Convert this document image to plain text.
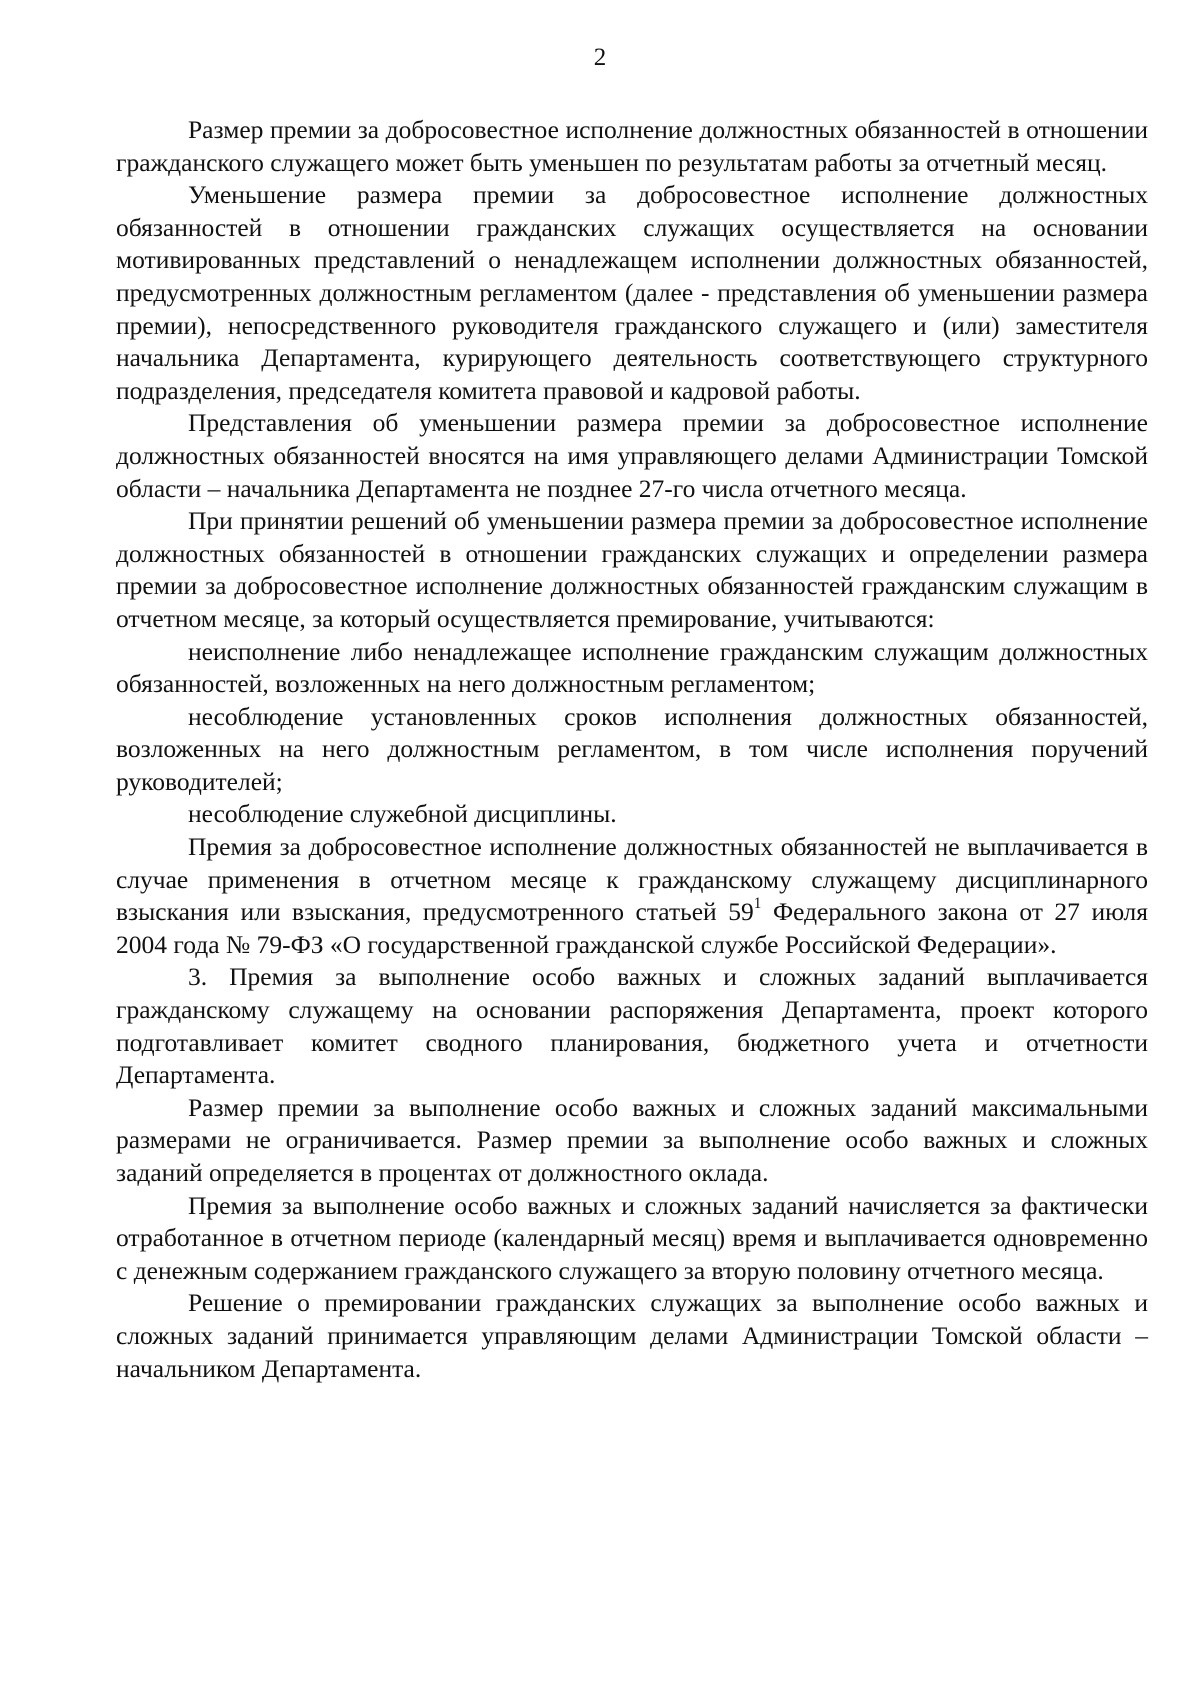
2

Размер премии за добросовестное исполнение должностных обязанностей в отношении гражданского служащего может быть уменьшен по результатам работы за отчетный месяц.

Уменьшение размера премии за добросовестное исполнение должностных обязанностей в отношении гражданских служащих осуществляется на основании мотивированных представлений о ненадлежащем исполнении должностных обязанностей, предусмотренных должностным регламентом (далее - представления об уменьшении размера премии), непосредственного руководителя гражданского служащего и (или) заместителя начальника Департамента, курирующего деятельность соответствующего структурного подразделения, председателя комитета правовой и кадровой работы.

Представления об уменьшении размера премии за добросовестное исполнение должностных обязанностей вносятся на имя управляющего делами Администрации Томской области – начальника Департамента не позднее 27-го числа отчетного месяца.

При принятии решений об уменьшении размера премии за добросовестное исполнение должностных обязанностей в отношении гражданских служащих и определении размера премии за добросовестное исполнение должностных обязанностей гражданским служащим в отчетном месяце, за который осуществляется премирование, учитываются:

неисполнение либо ненадлежащее исполнение гражданским служащим должностных обязанностей, возложенных на него должностным регламентом;

несоблюдение установленных сроков исполнения должностных обязанностей, возложенных на него должностным регламентом, в том числе исполнения поручений руководителей;

несоблюдение служебной дисциплины.

Премия за добросовестное исполнение должностных обязанностей не выплачивается в случае применения в отчетном месяце к гражданскому служащему дисциплинарного взыскания или взыскания, предусмотренного статьей $59^1$ Федерального закона от 27 июля 2004 года № 79-ФЗ «О государственной гражданской службе Российской Федерации».

3. Премия за выполнение особо важных и сложных заданий выплачивается гражданскому служащему на основании распоряжения Департамента, проект которого подготавливает комитет сводного планирования, бюджетного учета и отчетности Департамента.

Размер премии за выполнение особо важных и сложных заданий максимальными размерами не ограничивается. Размер премии за выполнение особо важных и сложных заданий определяется в процентах от должностного оклада.

Премия за выполнение особо важных и сложных заданий начисляется за фактически отработанное в отчетном периоде (календарный месяц) время и выплачивается одновременно с денежным содержанием гражданского служащего за вторую половину отчетного месяца.

Решение о премировании гражданских служащих за выполнение особо важных и сложных заданий принимается управляющим делами Администрации Томской области – начальником Департамента.
